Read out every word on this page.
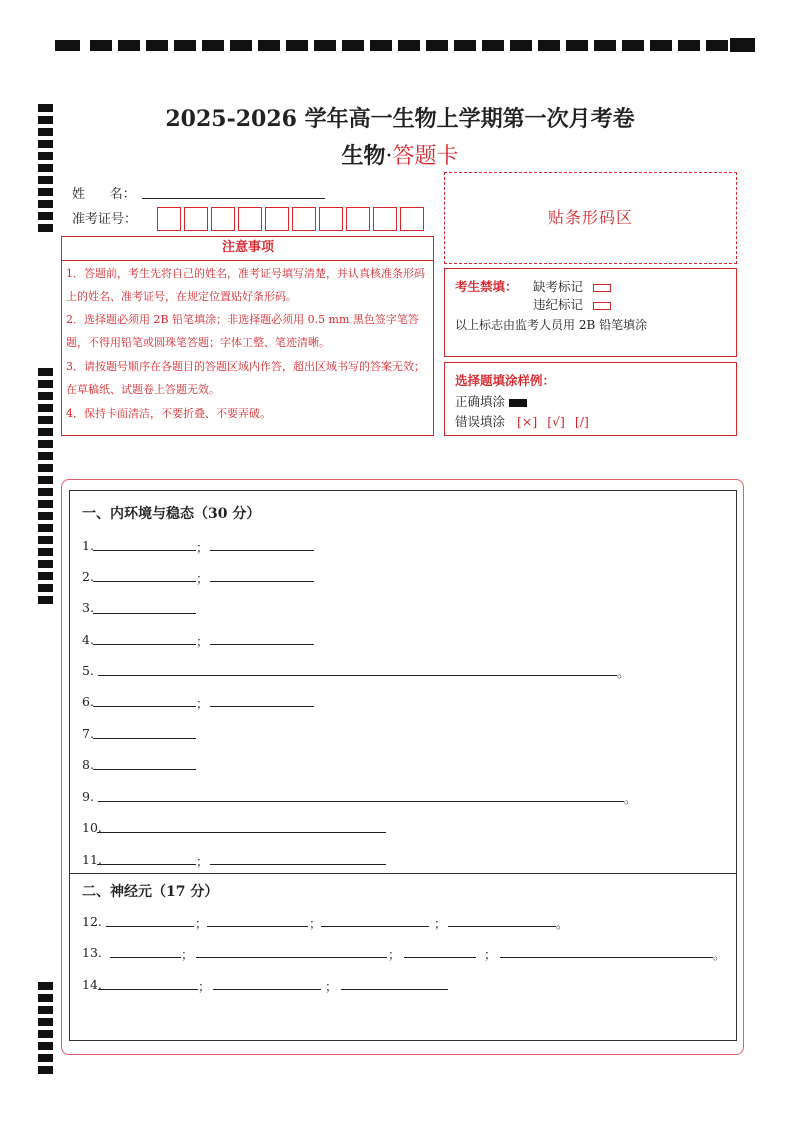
2025-2026 学年高一生物上学期第一次月考卷
生物·答题卡
姓      名：
准考证号：	贴条形码区
注意事项
1．答题前，考生先将自己的姓名，准考证号填写清楚，并认真核准条形码上的姓名、准考证号，在规定位置贴好条形码。
2．选择题必须用 2B 铅笔填涂；非选择题必须用 0.5 mm 黑色签字笔答题，不得用铅笔或圆珠笔答题；字体工整、笔迹清晰。
3．请按题号顺序在各题目的答题区域内作答，超出区域书写的答案无效；在草稿纸、试题卷上答题无效。
4．保持卡面清洁，不要折叠、不要弄破。
考生禁填： 缺考标记
违纪标记
以上标志由监考人员用 2B 铅笔填涂
选择题填涂样例：
正确填涂
错误填涂 [×] [√] [/]
一、内环境与稳态（30 分）
1.	；
2.	；
3.
4.	；
5.	。
6.	；
7.
8.
9.	。
10.
11.	；
二、神经元（17 分）
12.	；	；	；	。
13.	；	；	；	。
14.	；	；
